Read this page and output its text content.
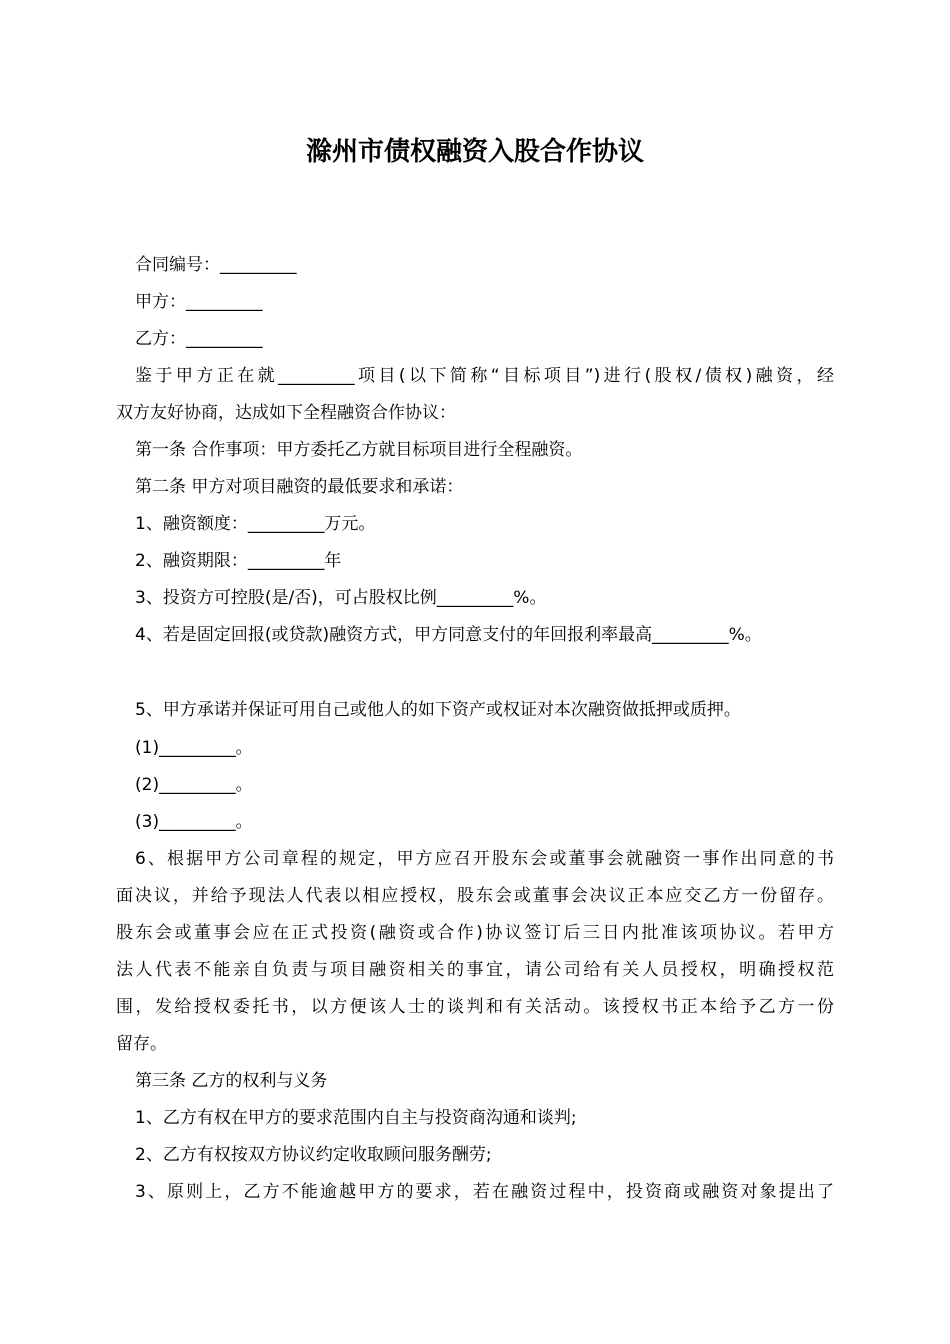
滁州市债权融资入股合作协议
合同编号：_________
甲方：_________
乙方：_________
鉴于甲方正在就_________项目(以下简称“目标项目”)进行(股权/债权)融资，经
双方友好协商，达成如下全程融资合作协议：
第一条 合作事项：甲方委托乙方就目标项目进行全程融资。
第二条 甲方对项目融资的最低要求和承诺：
1、融资额度：_________万元。
2、融资期限：_________年
3、投资方可控股(是/否)，可占股权比例_________%。
4、若是固定回报(或贷款)融资方式，甲方同意支付的年回报利率最高_________%。
5、甲方承诺并保证可用自己或他人的如下资产或权证对本次融资做抵押或质押。
(1)_________。
(2)_________。
(3)_________。
6、根据甲方公司章程的规定，甲方应召开股东会或董事会就融资一事作出同意的书
面决议，并给予现法人代表以相应授权，股东会或董事会决议正本应交乙方一份留存。
股东会或董事会应在正式投资(融资或合作)协议签订后三日内批准该项协议。若甲方
法人代表不能亲自负责与项目融资相关的事宜，请公司给有关人员授权，明确授权范
围，发给授权委托书，以方便该人士的谈判和有关活动。该授权书正本给予乙方一份
留存。
第三条 乙方的权利与义务
1、乙方有权在甲方的要求范围内自主与投资商沟通和谈判;
2、乙方有权按双方协议约定收取顾问服务酬劳;
3、原则上，乙方不能逾越甲方的要求，若在融资过程中，投资商或融资对象提出了
